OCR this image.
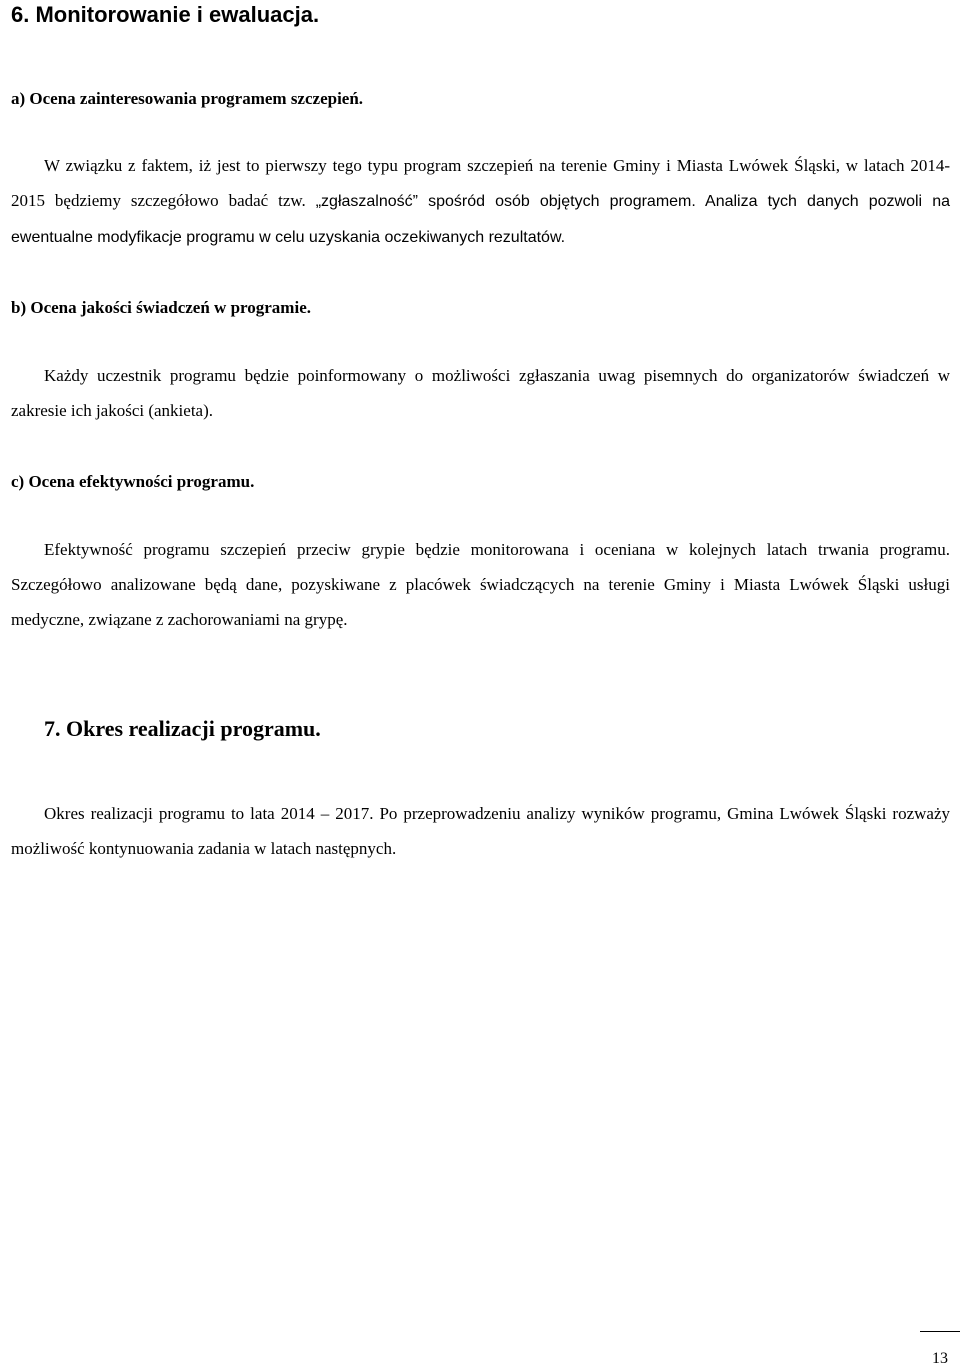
6. Monitorowanie i ewaluacja.
a) Ocena zainteresowania programem szczepień.

W związku z faktem, iż jest to pierwszy tego typu program szczepień na terenie Gminy i Miasta Lwówek Śląski, w latach 2014-2015 będziemy szczegółowo badać tzw. „zgłaszalność” spośród osób objętych programem. Analiza tych danych pozwoli na ewentualne modyfikacje programu w celu uzyskania oczekiwanych rezultatów.

b) Ocena jakości świadczeń w programie.

Każdy uczestnik programu będzie poinformowany o możliwości zgłaszania uwag pisemnych do organizatorów świadczeń w zakresie ich jakości (ankieta).

c) Ocena efektywności programu.

Efektywność programu szczepień przeciw grypie będzie monitorowana i oceniana w kolejnych latach trwania programu. Szczegółowo analizowane będą dane, pozyskiwane z placówek świadczących na terenie Gminy i Miasta Lwówek Śląski usługi medyczne, związane z zachorowaniami na grypę.

7. Okres realizacji programu.

Okres realizacji programu to lata 2014 – 2017. Po przeprowadzeniu analizy wyników programu, Gmina Lwówek Śląski rozważy możliwość kontynuowania zadania w latach następnych.

13
